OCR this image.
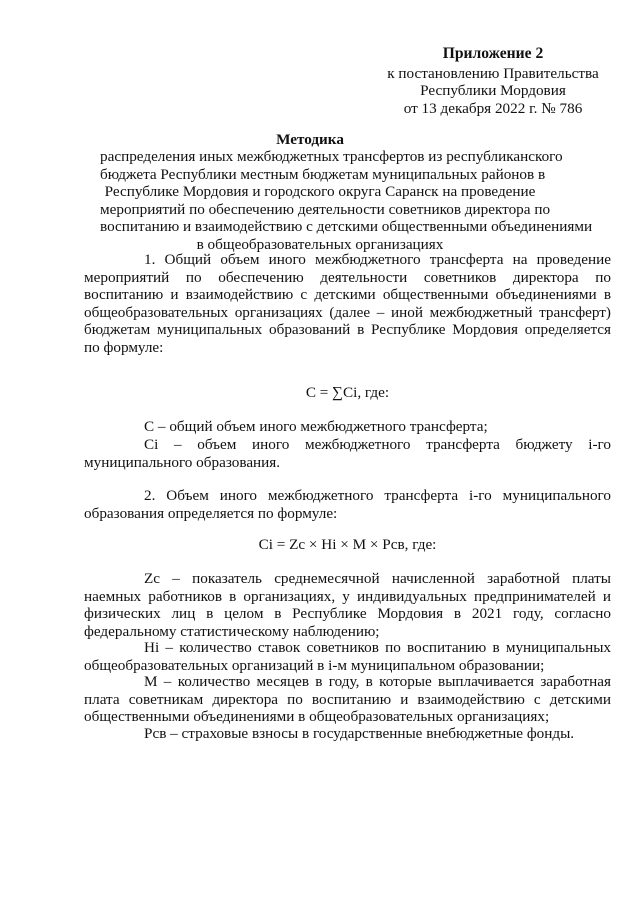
Приложение 2
к постановлению Правительства
Республики Мордовия
от 13 декабря 2022 г. № 786
Методика
распределения иных межбюджетных трансфертов из республиканского
бюджета Республики местным бюджетам муниципальных районов в
Республике Мордовия и городского округа Саранск на проведение
мероприятий по обеспечению деятельности советников директора по
воспитанию и взаимодействию с детскими общественными объединениями
в общеобразовательных организациях

1. Общий объем иного межбюджетного трансферта на проведение мероприятий по обеспечению деятельности советников директора по воспитанию и взаимодействию с детскими общественными объединениями в общеобразовательных организациях (далее – иной межбюджетный трансферт) бюджетам муниципальных образований в Республике Мордовия определяется по формуле:

C = ∑Ci, где:

C – общий объем иного межбюджетного трансферта;

Ci – объем иного межбюджетного трансферта бюджету i-го муниципального образования.

2. Объем иного межбюджетного трансферта i-го муниципального образования определяется по формуле:

Ci = Zc × Hi × M × Pсв, где:

Zc – показатель среднемесячной начисленной заработной платы наемных работников в организациях, у индивидуальных предпринимателей и физических лиц в целом в Республике Мордовия в 2021 году, согласно федеральному статистическому наблюдению;

Hi – количество ставок советников по воспитанию в муниципальных общеобразовательных организаций в i-м муниципальном образовании;

M – количество месяцев в году, в которые выплачивается заработная плата советникам директора по воспитанию и взаимодействию с детскими общественными объединениями в общеобразовательных организациях;

Pсв – страховые взносы в государственные внебюджетные фонды.
